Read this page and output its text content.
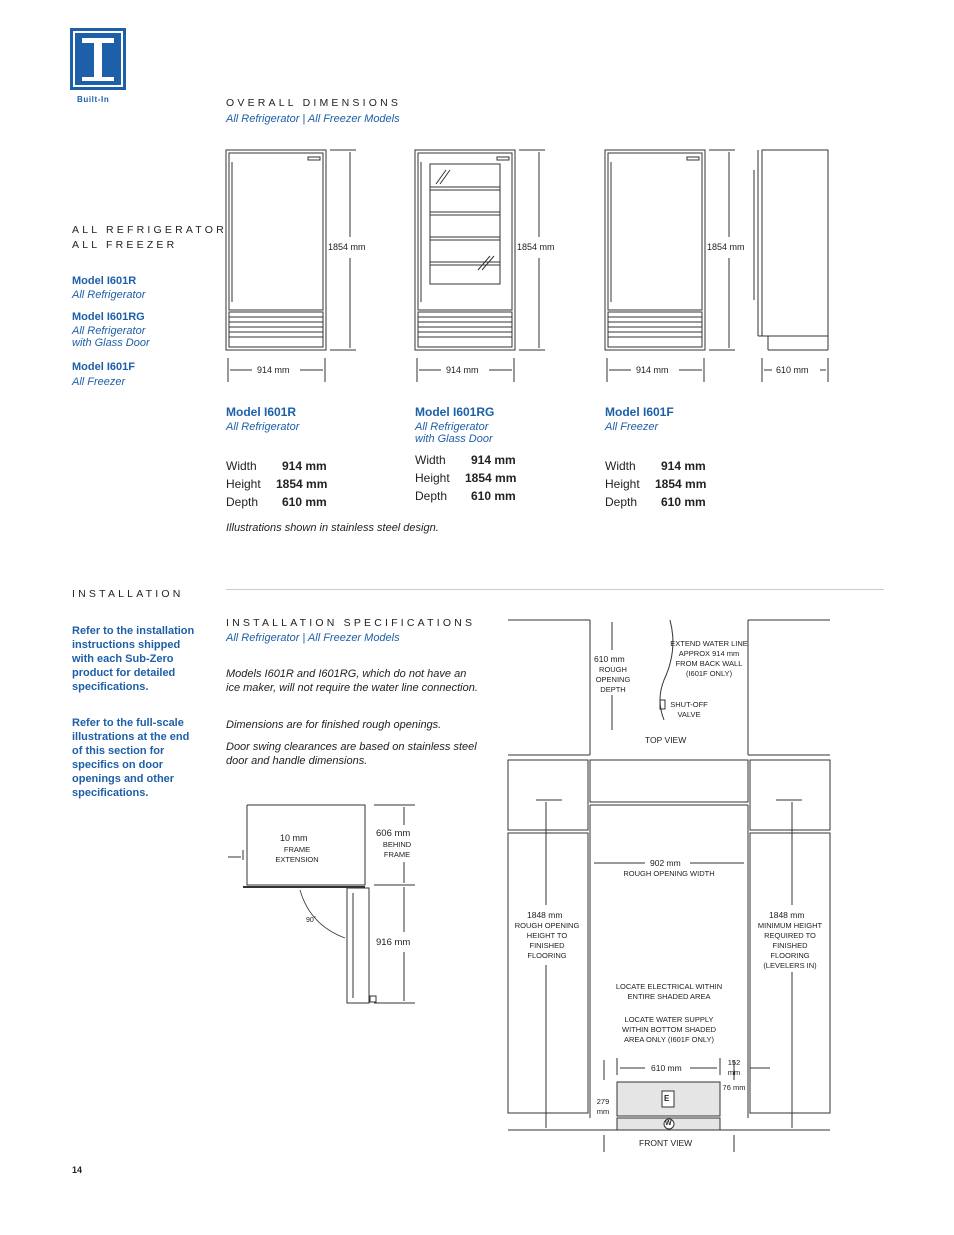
Built-In	OVERALL DIMENSIONS
All Refrigerator | All Freezer Models
ALL REFRIGERATOR
ALL FREEZER
Model I601R
All Refrigerator
Model I601RG
All Refrigerator
with Glass Door
Model I601F
All Freezer
1854 mm	1854 mm	1854 mm
914 mm	914 mm	914 mm	610 mm
Model I601R
All Refrigerator
Width	914 mm
Height	1854 mm
Depth	610 mm
Model I601RG
All Refrigerator
with Glass Door
Width	914 mm
Height	1854 mm
Depth	610 mm
Model I601F
All Freezer
Width	914 mm
Height	1854 mm
Depth	610 mm
Illustrations shown in stainless steel design.
INSTALLATION
Refer to the installation instructions shipped with each Sub-Zero product for detailed specifications.
Refer to the full-scale illustrations at the end of this section for specifics on door openings and other specifications.
INSTALLATION SPECIFICATIONS
All Refrigerator | All Freezer Models
Models I601R and I601RG, which do not have an ice maker, will not require the water line connection.
Dimensions are for finished rough openings.
Door swing clearances are based on stainless steel door and handle dimensions.
10 mm
FRAME EXTENSION
606 mm
BEHIND FRAME
916 mm
90˚
610 mm
ROUGH OPENING DEPTH
EXTEND WATER LINE APPROX 914 mm FROM BACK WALL (I601F ONLY)
SHUT-OFF VALVE
TOP VIEW
902 mm
ROUGH OPENING WIDTH
1848 mm
ROUGH OPENING HEIGHT TO FINISHED FLOORING
1848 mm
MINIMUM HEIGHT REQUIRED TO FINISHED FLOORING (LEVELERS IN)
LOCATE ELECTRICAL WITHIN ENTIRE SHADED AREA
LOCATE WATER SUPPLY WITHIN BOTTOM SHADED AREA ONLY (I601F ONLY)
610 mm
152 mm
76 mm
279 mm
E
W
FRONT VIEW
14
